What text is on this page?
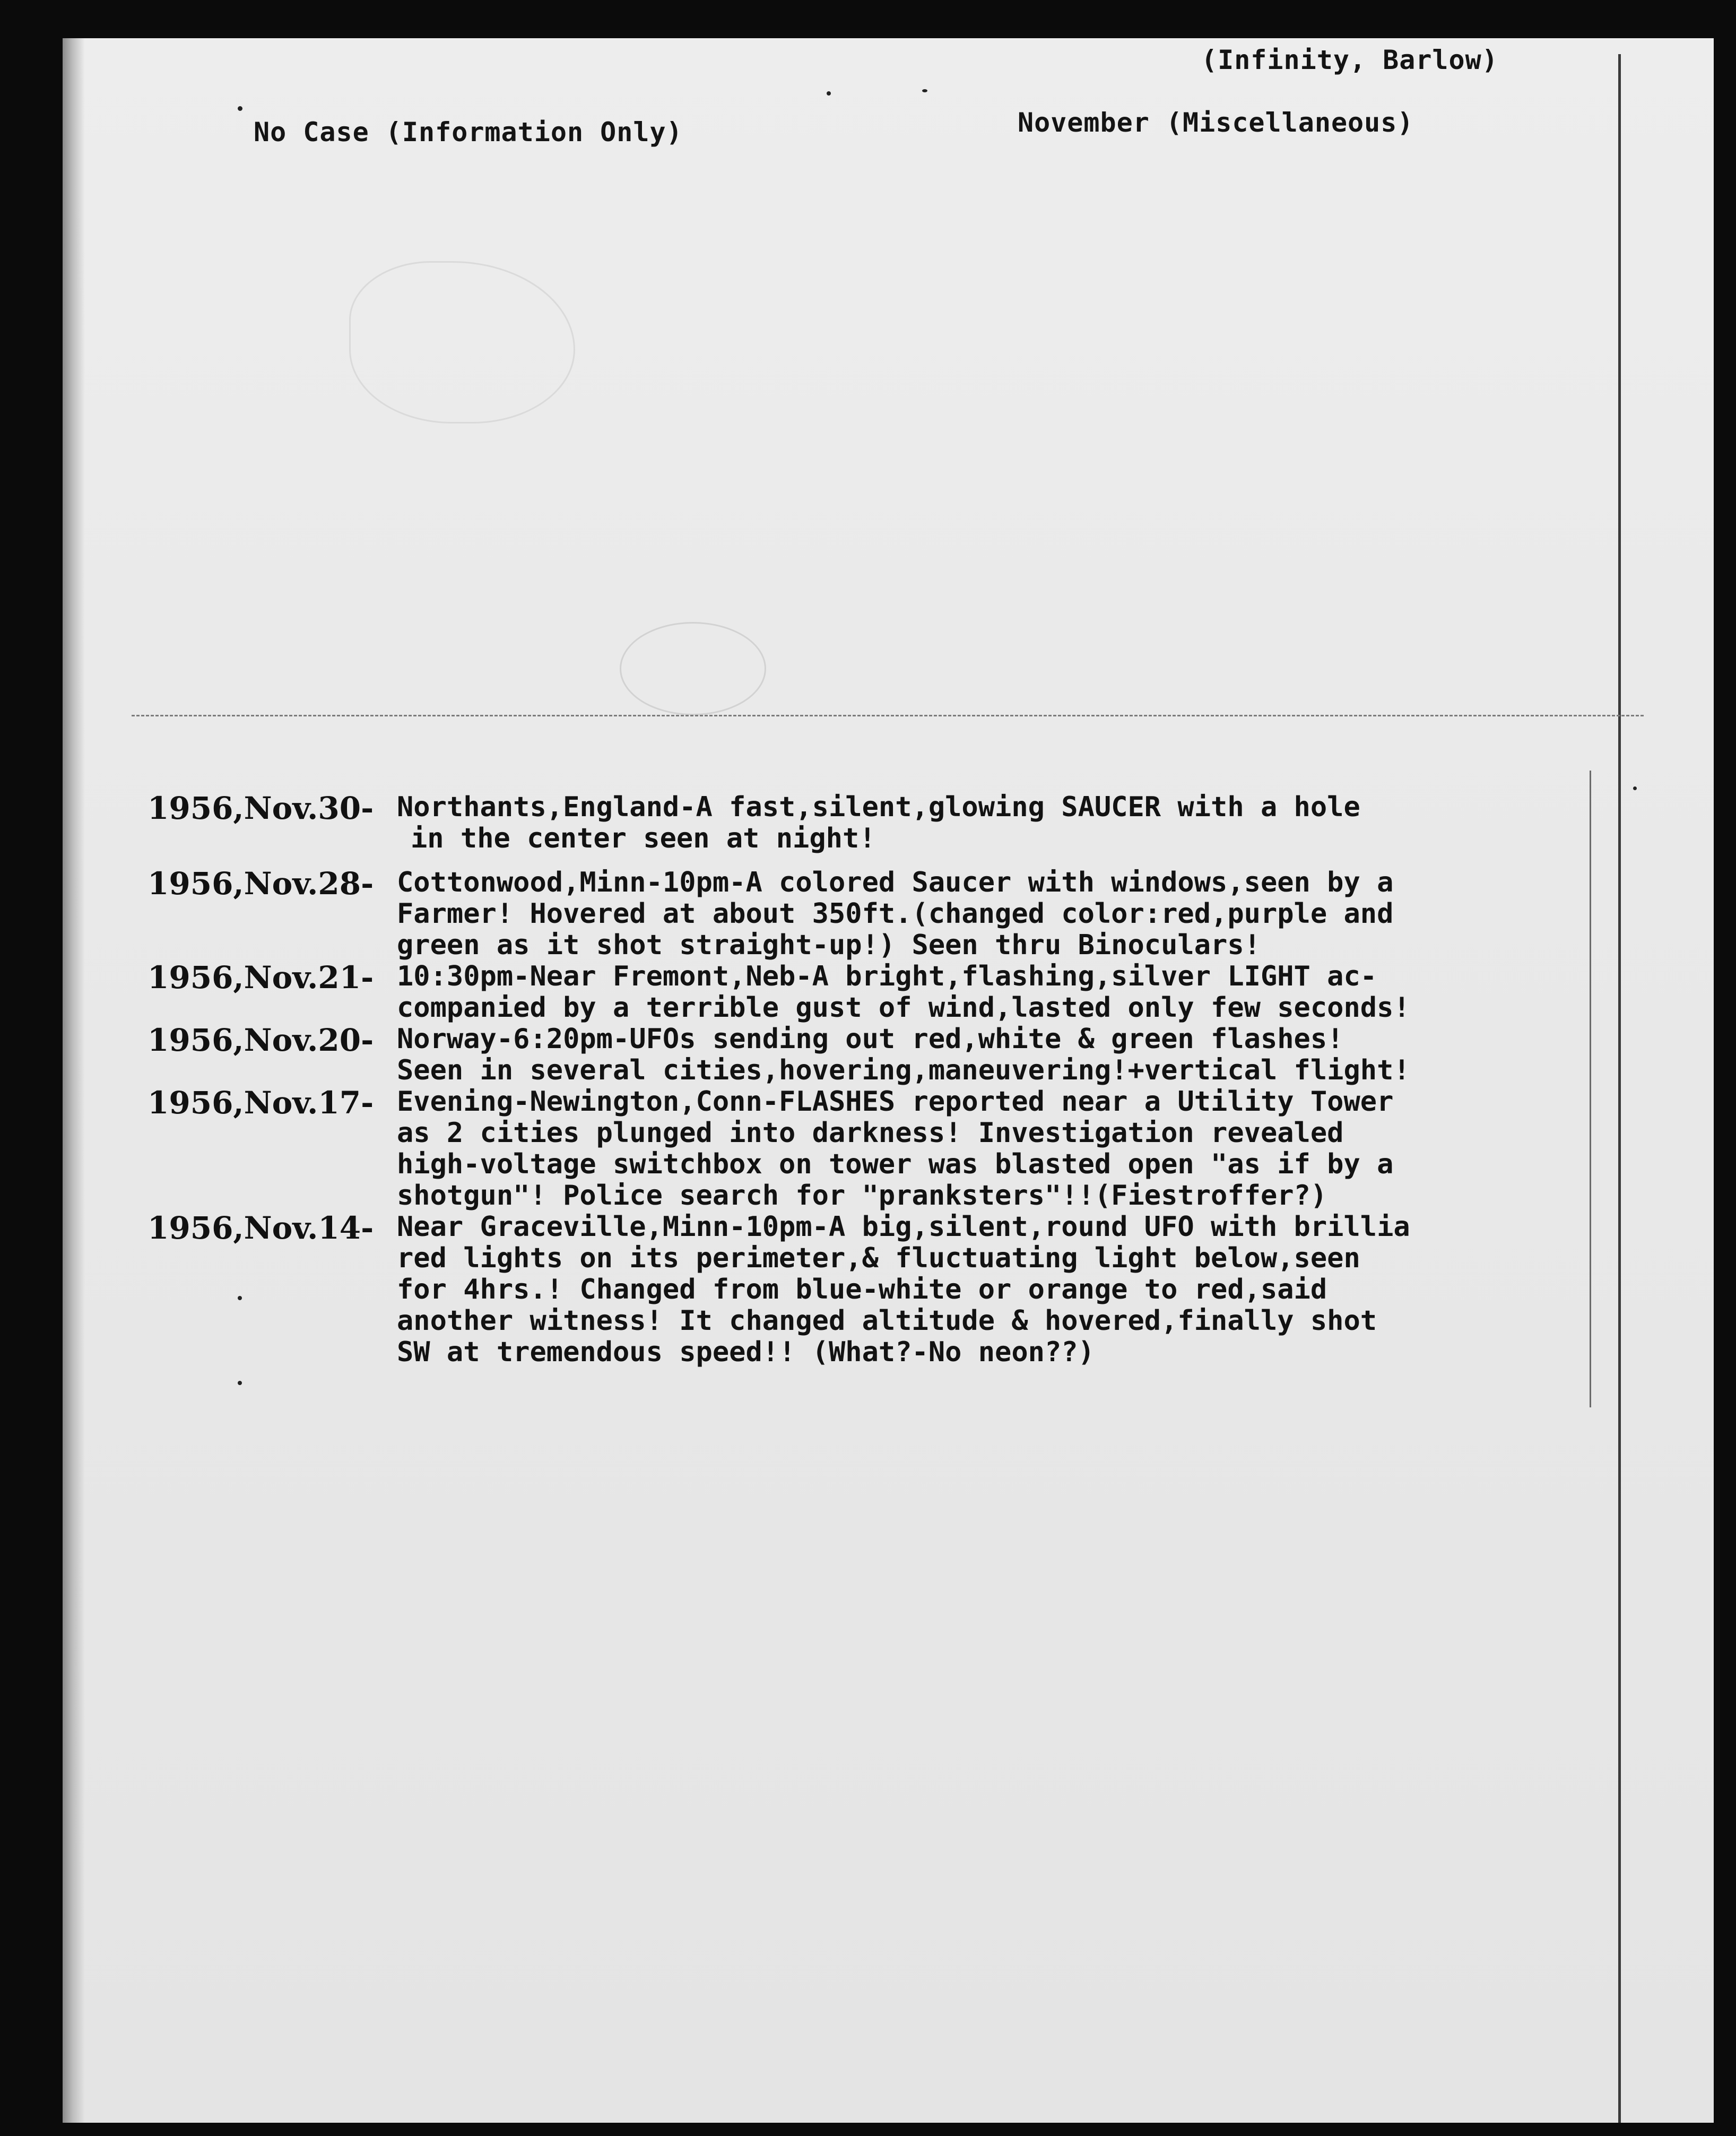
(Infinity, Barlow)
No Case (Information Only)	November (Miscellaneous)
1956,Nov.30- Northants,England-A fast,silent,glowing SAUCER with a hole
in the center seen at night!
1956,Nov.28- Cottonwood,Minn-10pm-A colored Saucer with windows,seen by a
Farmer! Hovered at about 350ft.(changed color:red,purple and
green as it shot straight-up!) Seen thru Binoculars!
1956,Nov.21- 10:30pm-Near Fremont,Neb-A bright,flashing,silver LIGHT ac-
companied by a terrible gust of wind,lasted only few seconds!
1956,Nov.20- Norway-6:20pm-UFOs sending out red,white & green flashes!
Seen in several cities,hovering,maneuvering!+vertical flight!
1956,Nov.17- Evening-Newington,Conn-FLASHES reported near a Utility Tower
as 2 cities plunged into darkness! Investigation revealed
high-voltage switchbox on tower was blasted open "as if by a
shotgun"! Police search for "pranksters"!!(Fiestroffer?)
1956,Nov.14- Near Graceville,Minn-10pm-A big,silent,round UFO with brillia
red lights on its perimeter,& fluctuating light below,seen
for 4hrs.! Changed from blue-white or orange to red,said
another witness! It changed altitude & hovered,finally shot
SW at tremendous speed!! (What?-No neon??)
